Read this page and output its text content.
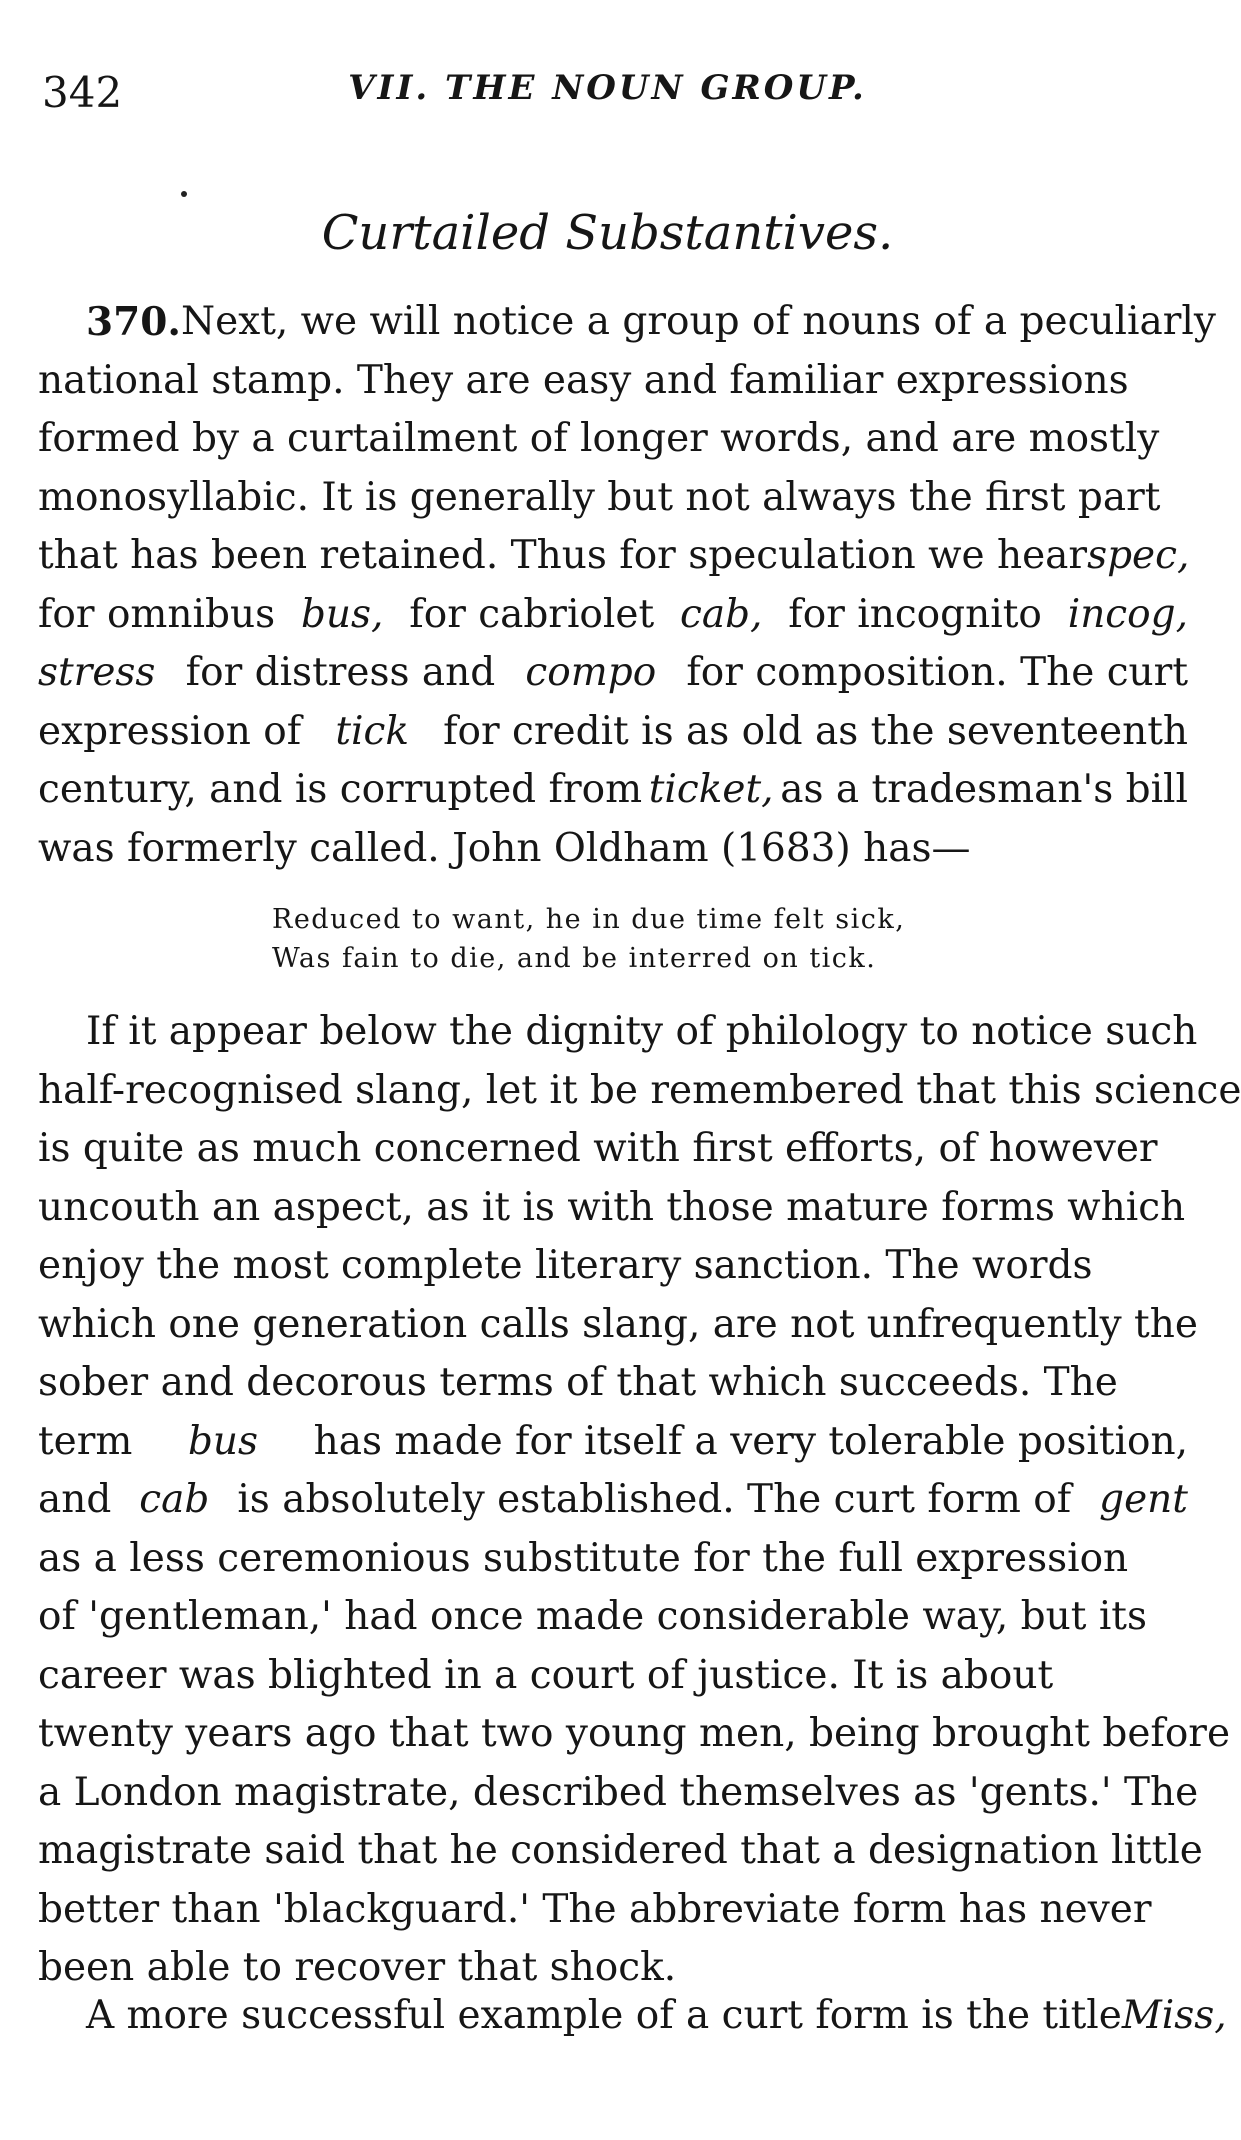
342	VII. THE NOUN GROUP.
Curtailed Substantives.
370. Next, we will notice a group of nouns of a peculiarly
national stamp. They are easy and familiar expressions
formed by a curtailment of longer words, and are mostly
monosyllabic. It is generally but not always the first part
that has been retained. Thus for speculation we hear spec,
for omnibus bus, for cabriolet cab, for incognito incog,
stress for distress and compo for composition. The curt
expression of tick for credit is as old as the seventeenth
century, and is corrupted from ticket, as a tradesman's bill
was formerly called. John Oldham (1683) has—
Reduced to want, he in due time felt sick,
Was fain to die, and be interred on tick.
If it appear below the dignity of philology to notice such
half-recognised slang, let it be remembered that this science
is quite as much concerned with first efforts, of however
uncouth an aspect, as it is with those mature forms which
enjoy the most complete literary sanction. The words
which one generation calls slang, are not unfrequently the
sober and decorous terms of that which succeeds. The
term bus has made for itself a very tolerable position,
and cab is absolutely established. The curt form of gent
as a less ceremonious substitute for the full expression
of 'gentleman,' had once made considerable way, but its
career was blighted in a court of justice. It is about
twenty years ago that two young men, being brought before
a London magistrate, described themselves as 'gents.' The
magistrate said that he considered that a designation little
better than 'blackguard.' The abbreviate form has never
been able to recover that shock.
A more successful example of a curt form is the title Miss,
